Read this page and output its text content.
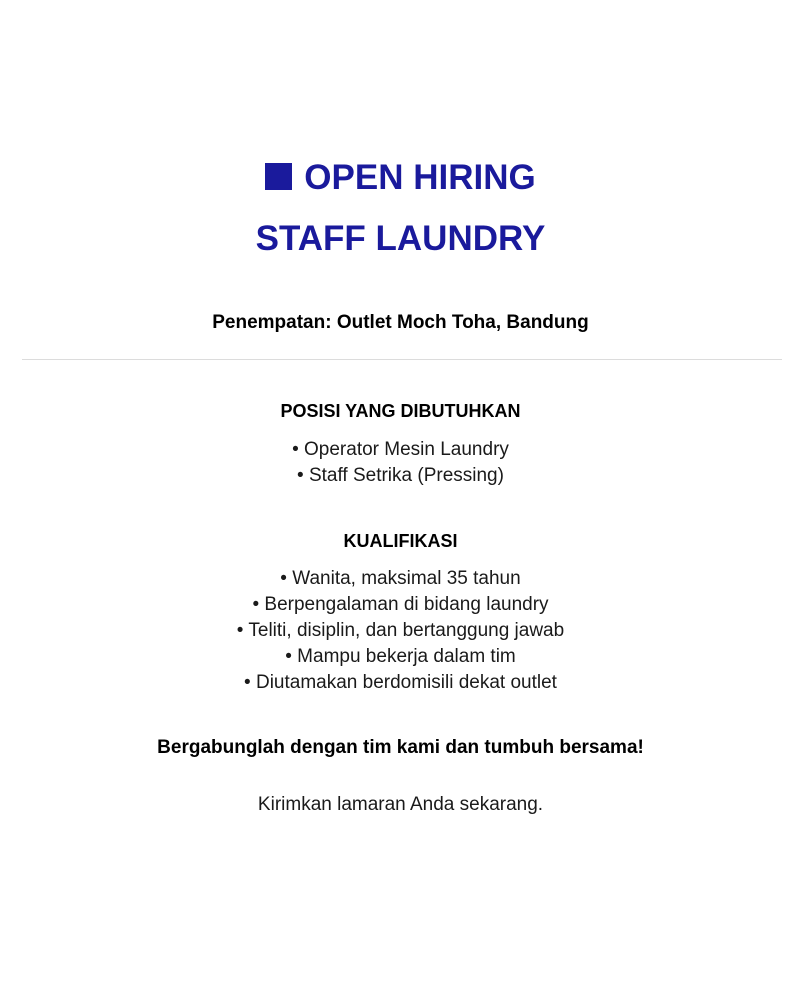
OPEN HIRING
STAFF LAUNDRY
Penempatan: Outlet Moch Toha, Bandung
POSISI YANG DIBUTUHKAN
• Operator Mesin Laundry
• Staff Setrika (Pressing)
KUALIFIKASI
• Wanita, maksimal 35 tahun
• Berpengalaman di bidang laundry
• Teliti, disiplin, dan bertanggung jawab
• Mampu bekerja dalam tim
• Diutamakan berdomisili dekat outlet
Bergabunglah dengan tim kami dan tumbuh bersama!
Kirimkan lamaran Anda sekarang.
